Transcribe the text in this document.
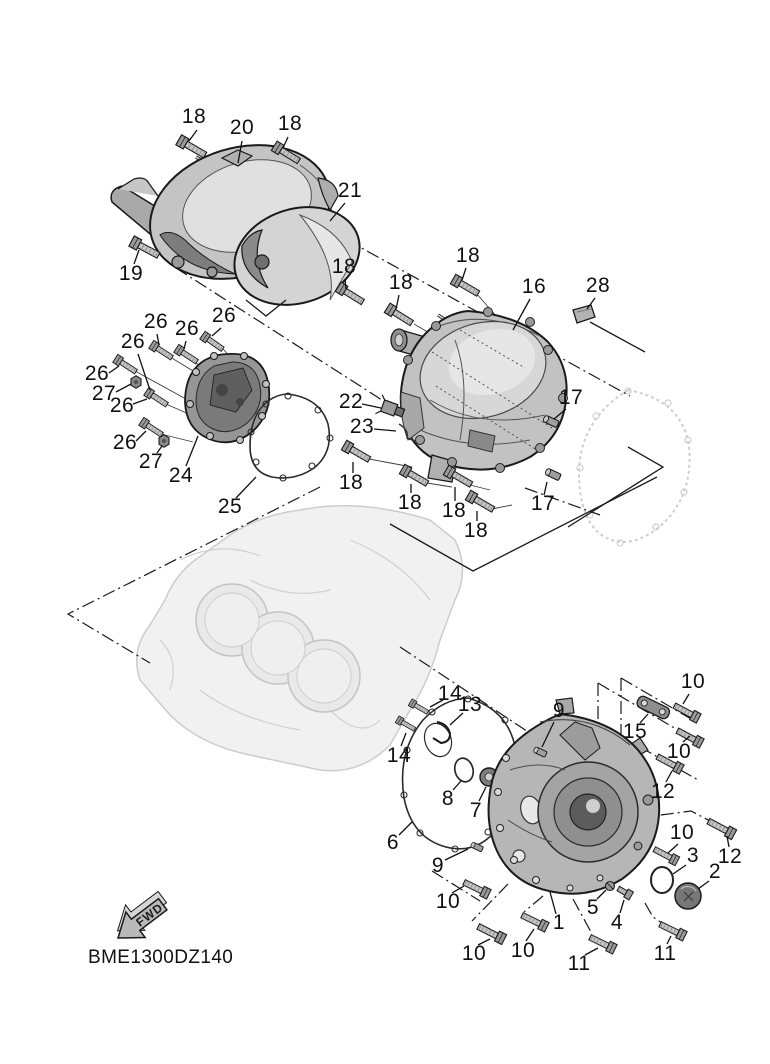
FWD
18 20 18
21
19	18	18
18	16 28
26 26
26
26
26
27
26
26
27
24
25
22
23
17
17
18
18 18
18
14
13	9
10
15
10
14
12
8
7
6
9
10
3 12
2
10	5
1 4
10 10
11	11
BME1300DZ140
